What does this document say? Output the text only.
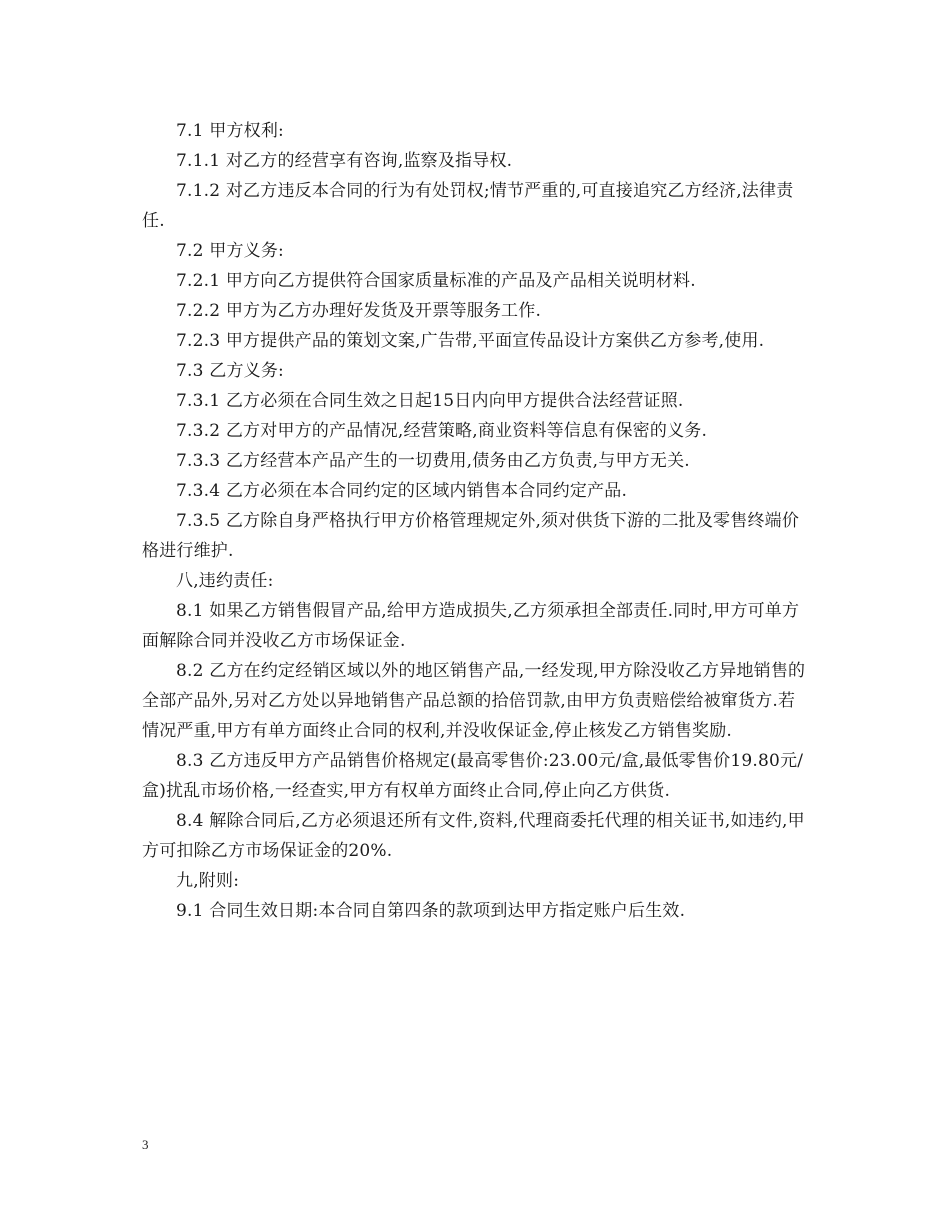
7.1 甲方权利:

7.1.1 对乙方的经营享有咨询,监察及指导权.

7.1.2 对乙方违反本合同的行为有处罚权;情节严重的,可直接追究乙方经济,法律责任.

7.2 甲方义务:

7.2.1 甲方向乙方提供符合国家质量标准的产品及产品相关说明材料.

7.2.2 甲方为乙方办理好发货及开票等服务工作.

7.2.3 甲方提供产品的策划文案,广告带,平面宣传品设计方案供乙方参考,使用.

7.3 乙方义务:

7.3.1 乙方必须在合同生效之日起15日内向甲方提供合法经营证照.

7.3.2 乙方对甲方的产品情况,经营策略,商业资料等信息有保密的义务.

7.3.3 乙方经营本产品产生的一切费用,债务由乙方负责,与甲方无关.

7.3.4 乙方必须在本合同约定的区域内销售本合同约定产品.

7.3.5 乙方除自身严格执行甲方价格管理规定外,须对供货下游的二批及零售终端价格进行维护.

八,违约责任:

8.1 如果乙方销售假冒产品,给甲方造成损失,乙方须承担全部责任.同时,甲方可单方面解除合同并没收乙方市场保证金.

8.2 乙方在约定经销区域以外的地区销售产品,一经发现,甲方除没收乙方异地销售的全部产品外,另对乙方处以异地销售产品总额的拾倍罚款,由甲方负责赔偿给被窜货方.若情况严重,甲方有单方面终止合同的权利,并没收保证金,停止核发乙方销售奖励.

8.3 乙方违反甲方产品销售价格规定(最高零售价:23.00元/盒,最低零售价19.80元/盒)扰乱市场价格,一经查实,甲方有权单方面终止合同,停止向乙方供货.

8.4 解除合同后,乙方必须退还所有文件,资料,代理商委托代理的相关证书,如违约,甲方可扣除乙方市场保证金的20%.

九,附则:

9.1 合同生效日期:本合同自第四条的款项到达甲方指定账户后生效.

3
